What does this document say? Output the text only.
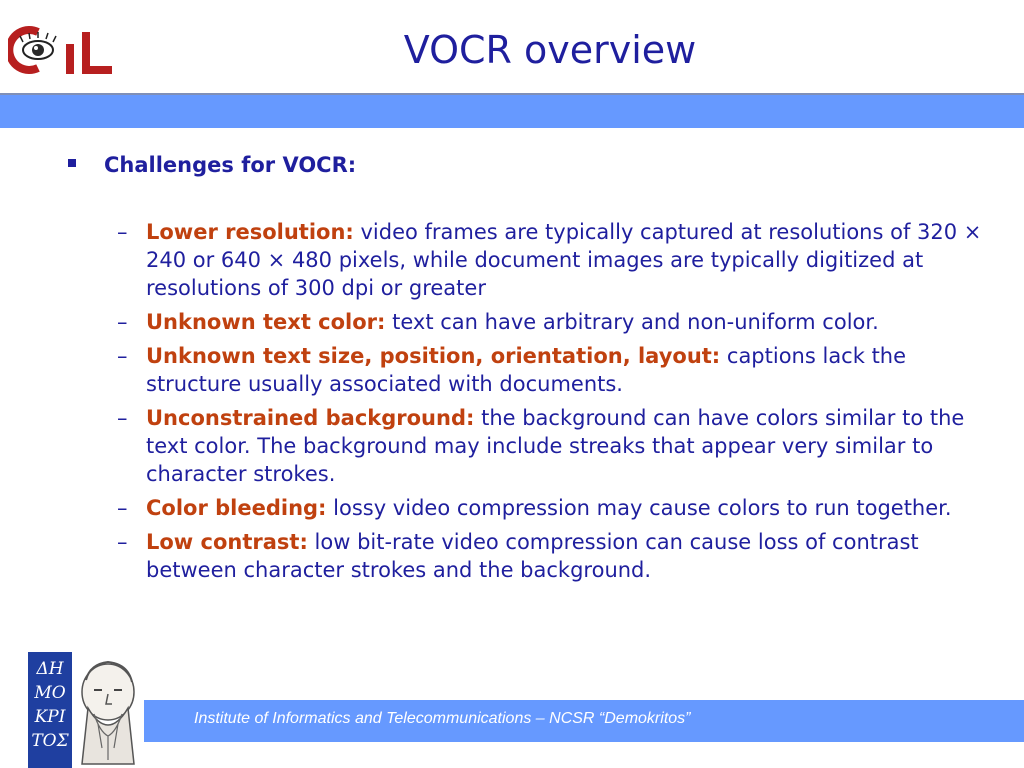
VOCR overview
Challenges for VOCR:
– Lower resolution: video frames are typically captured at resolutions of 320 × 240 or 640 × 480 pixels, while document images are typically digitized at resolutions of 300 dpi or greater
– Unknown text color: text can have arbitrary and non-uniform color.
– Unknown text size, position, orientation, layout: captions lack the structure usually associated with documents.
– Unconstrained background: the background can have colors similar to the text color. The background may include streaks that appear very similar to character strokes.
– Color bleeding: lossy video compression may cause colors to run together.
– Low contrast: low bit-rate video compression can cause loss of contrast between character strokes and the background.
Institute of Informatics and Telecommunications – NCSR “Demokritos”
ΔΗ
ΜΟ
ΚΡΙ
ΤΟΣ
